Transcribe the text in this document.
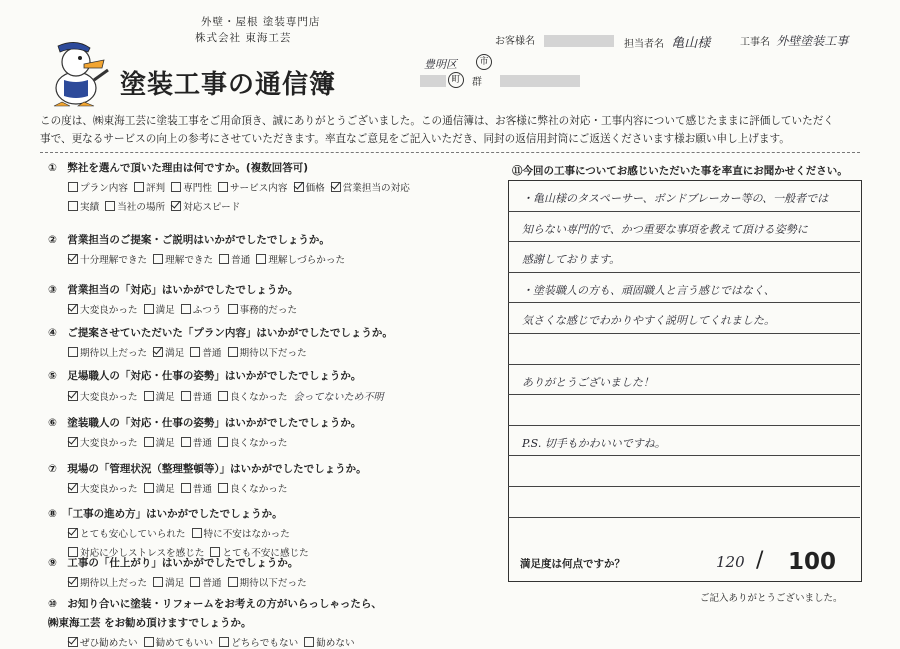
外壁・屋根 塗装専門店
株式会社 東海工芸
塗装工事の通信簿
お客様名	担当者名 亀山様	工事名 外壁塗装工事
豊明区	市
町	群
この度は、㈱東海工芸に塗装工事をご用命頂き、誠にありがとうございました。この通信簿は、お客様に弊社の対応・工事内容について感じたままに評価していただく
事で、更なるサービスの向上の参考にさせていただきます。率直なご意見をご記入いただき、同封の返信用封筒にご返送くださいます様お願い申し上げます。
①　弊社を選んで頂いた理由は何ですか。(複数回答可)
プラン内容 評判 専門性 サービス内容 価格 営業担当の対応
実績 当社の場所 対応スピード
②　営業担当のご提案・ご説明はいかがでしたでしょうか。
十分理解できた 理解できた 普通 理解しづらかった
③　営業担当の「対応」はいかがでしたでしょうか。
大変良かった 満足 ふつう 事務的だった
④　ご提案させていただいた「プラン内容」はいかがでしたでしょうか。
期待以上だった 満足 普通 期待以下だった
⑤　足場職人の「対応・仕事の姿勢」はいかがでしたでしょうか。
大変良かった 満足 普通 良くなかった 会ってないため不明
⑥　塗装職人の「対応・仕事の姿勢」はいかがでしたでしょうか。
大変良かった 満足 普通 良くなかった
⑦　現場の「管理状況（整理整頓等）」はいかがでしたでしょうか。
大変良かった 満足 普通 良くなかった
⑧　「工事の進め方」はいかがでしたでしょうか。
とても安心していられた 特に不安はなかった
対応に少しストレスを感じた とても不安に感じた
⑨　工事の「仕上がり」はいかがでしたでしょうか。
期待以上だった 満足 普通 期待以下だった
⑩　お知り合いに塗装・リフォームをお考えの方がいらっしゃったら、
㈱東海工芸 をお勧め頂けますでしょうか。
ぜひ勧めたい 勧めてもいい どちらでもない 勧めない
⑪今回の工事についてお感じいただいた事を率直にお聞かせください。
・亀山様のタスペーサー、ボンドブレーカー等の、一般者では
知らない専門的で、かつ重要な事項を教えて頂ける姿勢に
感謝しております。
・塗装職人の方も、頑固職人と言う感じではなく、
気さくな感じでわかりやすく説明してくれました。
ありがとうございました！
P.S. 切手もかわいいですね。
満足度は何点ですか？	120 / 100
ご記入ありがとうございました。
